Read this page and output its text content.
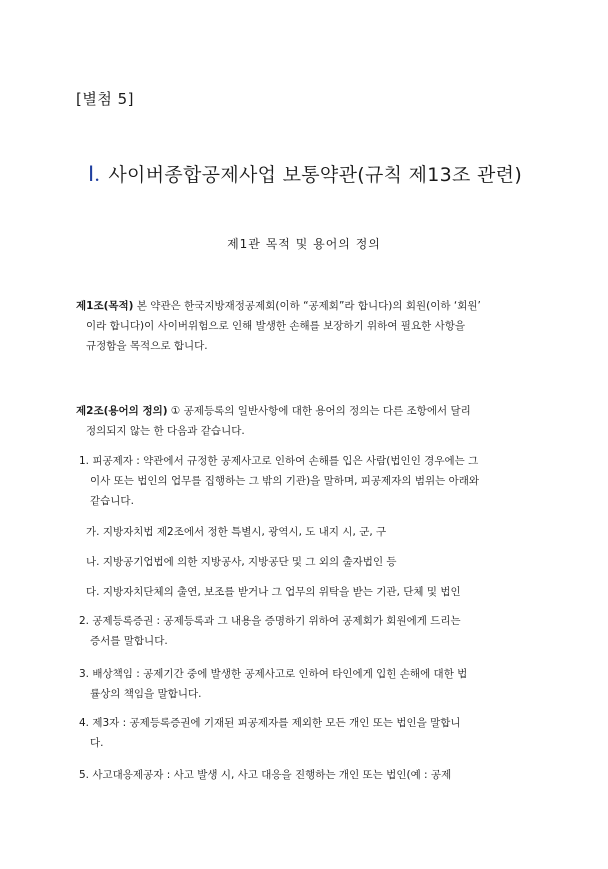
[별첨 5]
Ⅰ. 사이버종합공제사업 보통약관(규칙 제13조 관련)
제1관 목적 및 용어의 정의
제1조(목적) 본 약관은 한국지방재정공제회(이하 “공제회”라 합니다)의 회원(이하 ‘회원’
이라 합니다)이 사이버위험으로 인해 발생한 손해를 보장하기 위하여 필요한 사항을
규정함을 목적으로 합니다.
제2조(용어의 정의) ① 공제등록의 일반사항에 대한 용어의 정의는 다른 조항에서 달리
정의되지 않는 한 다음과 같습니다.
1. 피공제자 : 약관에서 규정한 공제사고로 인하여 손해를 입은 사람(법인인 경우에는 그
이사 또는 법인의 업무를 집행하는 그 밖의 기관)을 말하며, 피공제자의 범위는 아래와
같습니다.
가. 지방자치법 제2조에서 정한 특별시, 광역시, 도 내지 시, 군, 구
나. 지방공기업법에 의한 지방공사, 지방공단 및 그 외의 출자법인 등
다. 지방자치단체의 출연, 보조를 받거나 그 업무의 위탁을 받는 기관, 단체 및 법인
2. 공제등록증권 : 공제등록과 그 내용을 증명하기 위하여 공제회가 회원에게 드리는
증서를 말합니다.
3. 배상책임 : 공제기간 중에 발생한 공제사고로 인하여 타인에게 입힌 손해에 대한 법
률상의 책임을 말합니다.
4. 제3자 : 공제등록증권에 기재된 피공제자를 제외한 모든 개인 또는 법인을 말합니
다.
5. 사고대응제공자 : 사고 발생 시, 사고 대응을 진행하는 개인 또는 법인(예 : 공제
